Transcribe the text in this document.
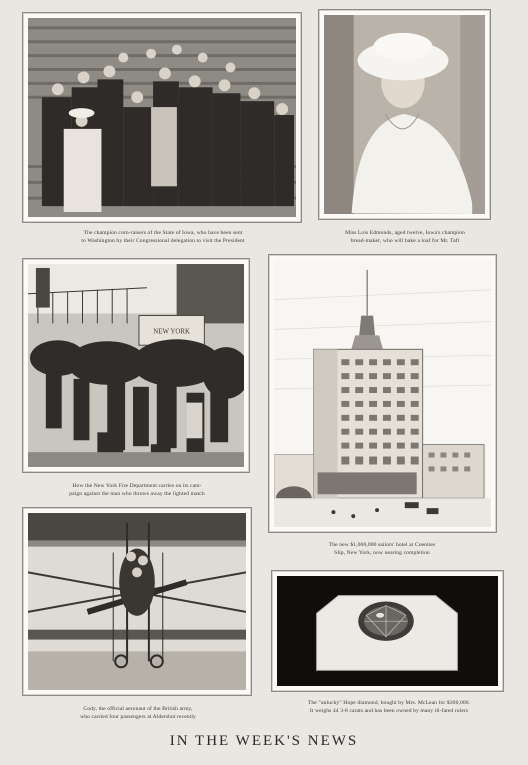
The champion corn-raisers of the State of Iowa, who have been sent
to Washington by their Congressional delegation to visit the President
Miss Lois Edmonds, aged twelve, Iowa's champion
bread-maker, who will bake a loaf for Mr. Taft
NEW YORK
How the New York Fire Department carries on its cam-
paign against the man who throws away the lighted match
The new $1,000,000 sailors' hotel at Coenties
Slip, New York, now nearing completion
Cody, the official aeronaut of the British army,
who carried four passengers at Aldershot recently
The "unlucky" Hope diamond, bought by Mrs. McLean for $300,000.
It weighs 44 3-8 carats and has been owned by many ill-fated rulers
IN THE WEEK'S NEWS
